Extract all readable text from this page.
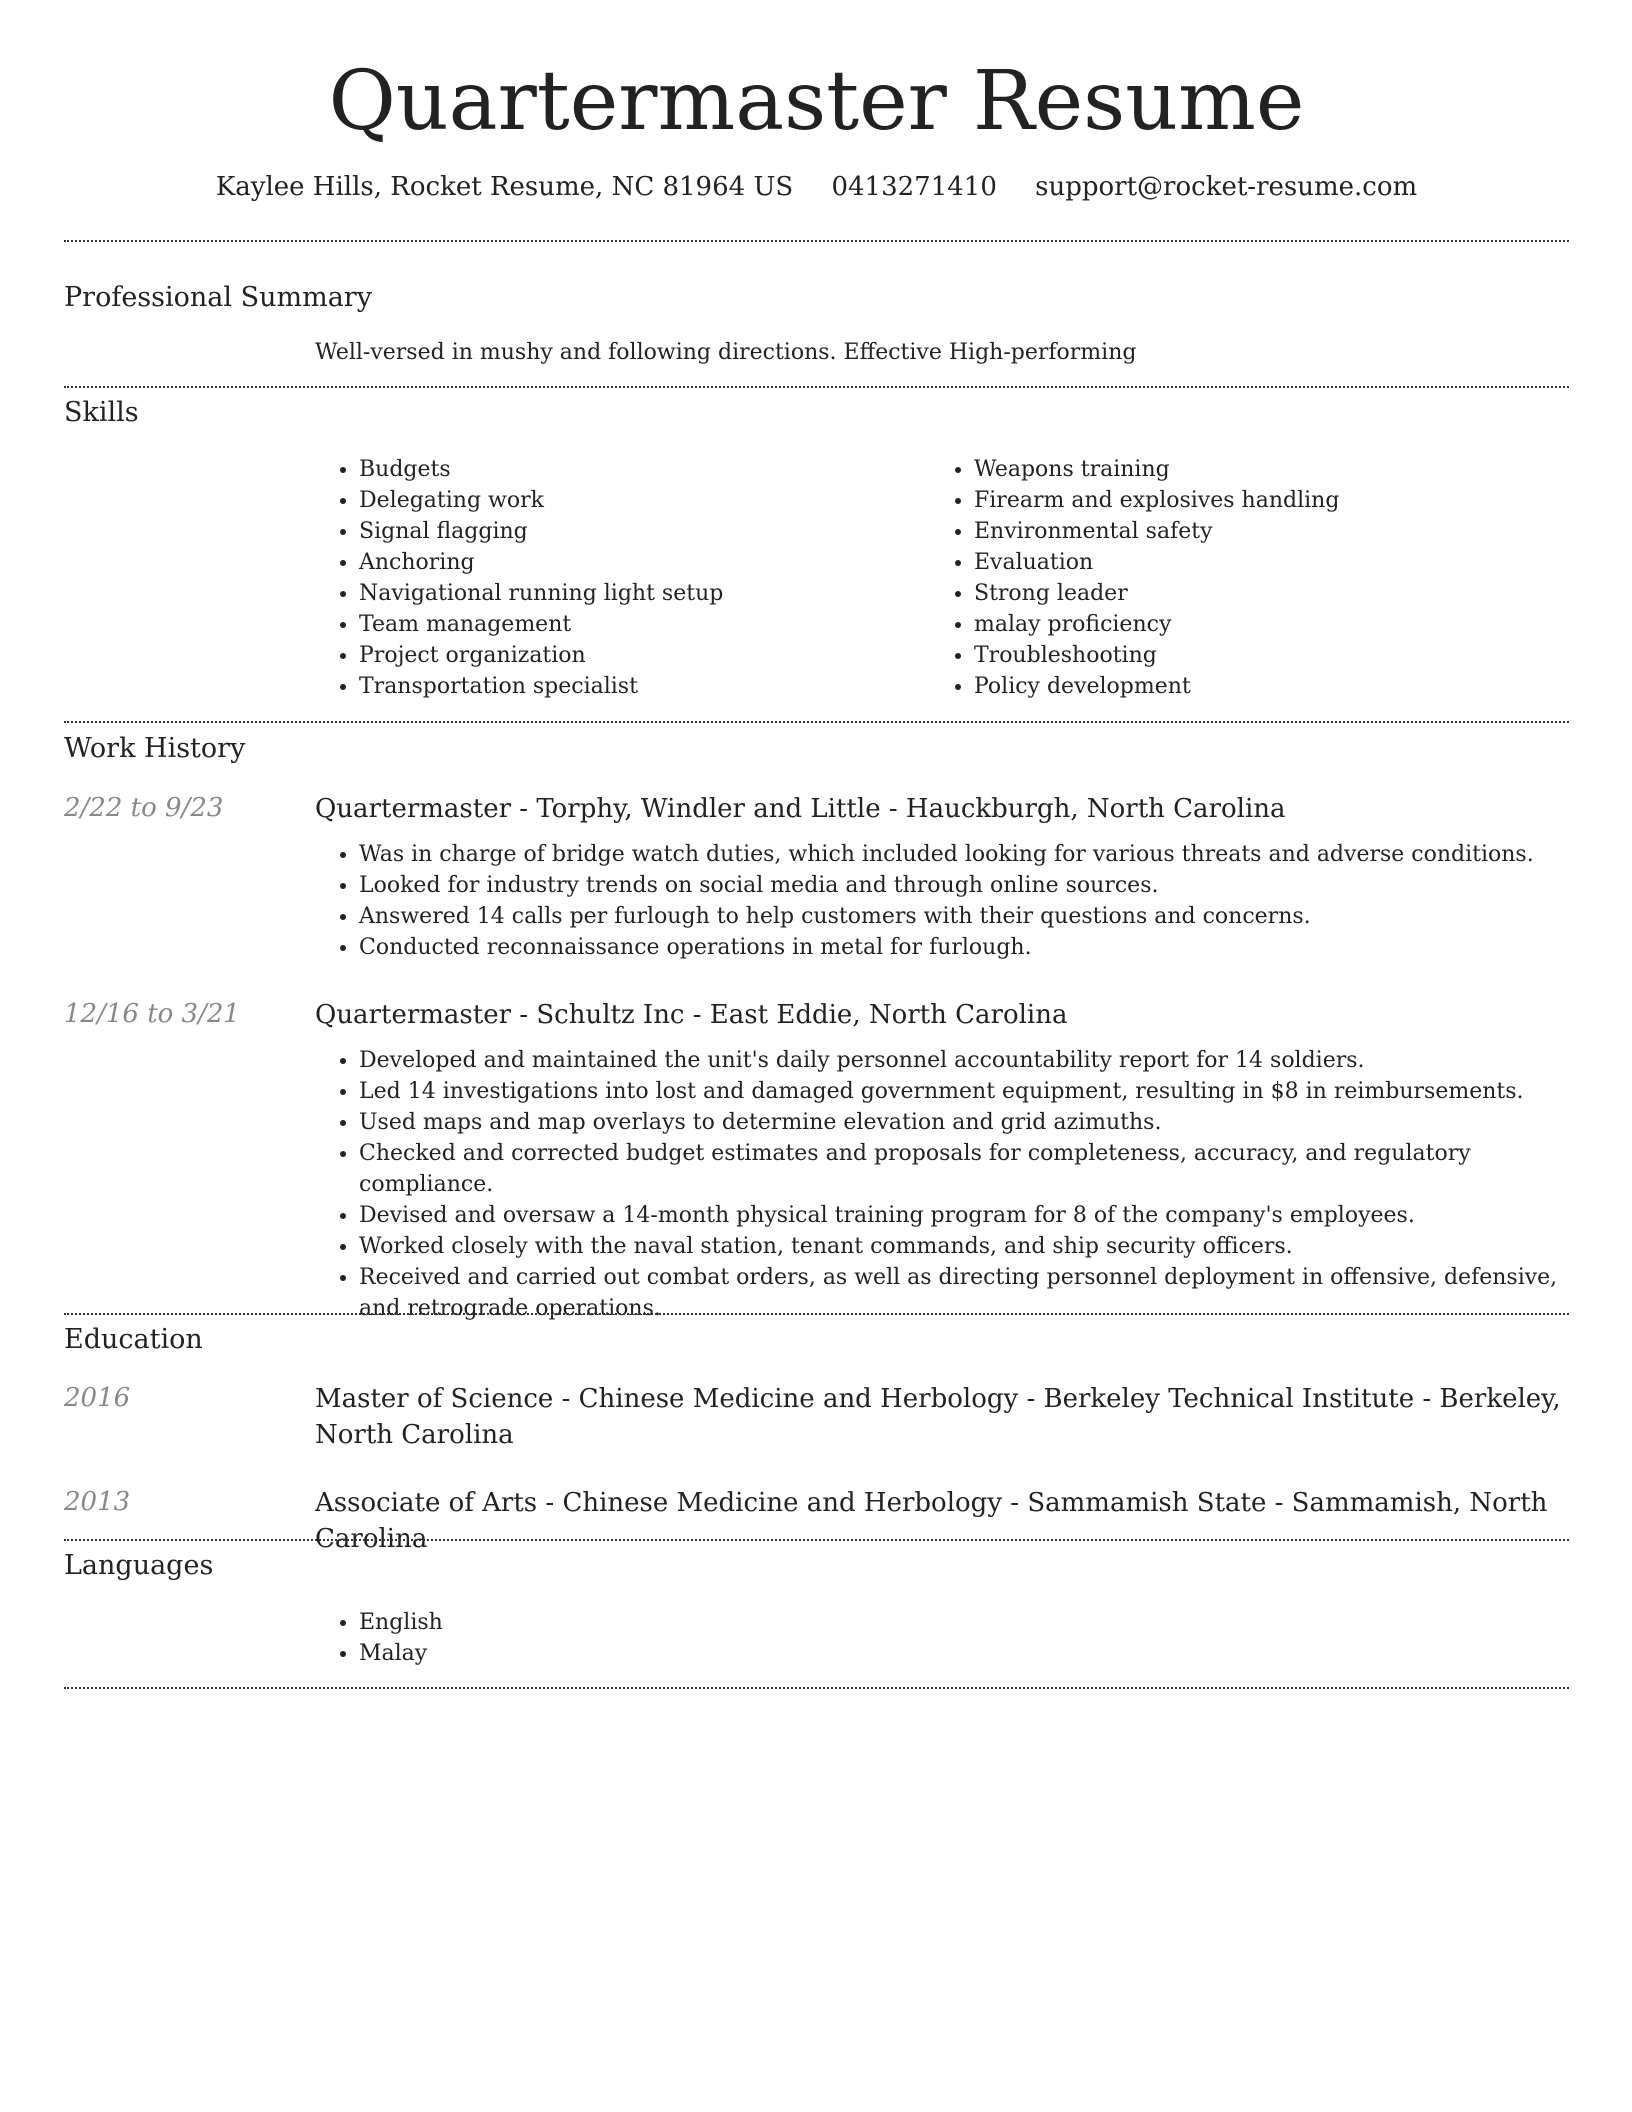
Quartermaster Resume
Kaylee Hills, Rocket Resume, NC 81964 US 0413271410 support@rocket-resume.com
Professional Summary
Well-versed in mushy and following directions. Effective High-performing
Skills
• Budgets
• Delegating work
• Signal flagging
• Anchoring
• Navigational running light setup
• Team management
• Project organization
• Transportation specialist
• Weapons training
• Firearm and explosives handling
• Environmental safety
• Evaluation
• Strong leader
• malay proficiency
• Troubleshooting
• Policy development
Work History
2/22 to 9/23	Quartermaster - Torphy, Windler and Little - Hauckburgh, North Carolina
• Was in charge of bridge watch duties, which included looking for various threats and adverse conditions.
• Looked for industry trends on social media and through online sources.
• Answered 14 calls per furlough to help customers with their questions and concerns.
• Conducted reconnaissance operations in metal for furlough.
12/16 to 3/21	Quartermaster - Schultz Inc - East Eddie, North Carolina
• Developed and maintained the unit's daily personnel accountability report for 14 soldiers.
• Led 14 investigations into lost and damaged government equipment, resulting in $8 in reimbursements.
• Used maps and map overlays to determine elevation and grid azimuths.
• Checked and corrected budget estimates and proposals for completeness, accuracy, and regulatory compliance.
• Devised and oversaw a 14-month physical training program for 8 of the company's employees.
• Worked closely with the naval station, tenant commands, and ship security officers.
• Received and carried out combat orders, as well as directing personnel deployment in offensive, defensive, and retrograde operations.
Education
2016	Master of Science - Chinese Medicine and Herbology - Berkeley Technical Institute - Berkeley, North Carolina
2013	Associate of Arts - Chinese Medicine and Herbology - Sammamish State - Sammamish, North Carolina
Languages
• English
• Malay
